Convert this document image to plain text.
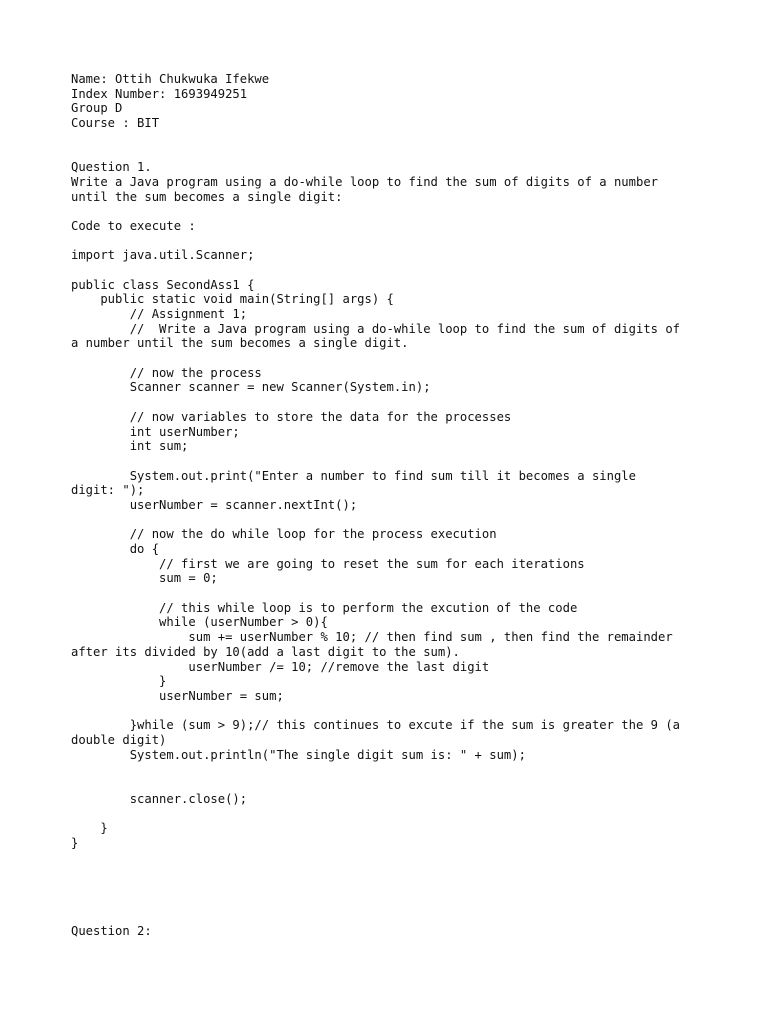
Name: Ottih Chukwuka Ifekwe
Index Number: 1693949251
Group D
Course : BIT
Question 1.
Write a Java program using a do-while loop to find the sum of digits of a number
until the sum becomes a single digit:
Code to execute :
import java.util.Scanner;
public class SecondAss1 {
public static void main(String[] args) {
// Assignment 1;
//  Write a Java program using a do-while loop to find the sum of digits of
a number until the sum becomes a single digit.
// now the process
Scanner scanner = new Scanner(System.in);
// now variables to store the data for the processes
int userNumber;
int sum;
System.out.print("Enter a number to find sum till it becomes a single
digit: ");
userNumber = scanner.nextInt();
// now the do while loop for the process execution
do {
// first we are going to reset the sum for each iterations
sum = 0;
// this while loop is to perform the excution of the code
while (userNumber > 0){
sum += userNumber % 10; // then find sum , then find the remainder
after its divided by 10(add a last digit to the sum).
userNumber /= 10; //remove the last digit
}
userNumber = sum;
}while (sum > 9);// this continues to excute if the sum is greater the 9 (a
double digit)
System.out.println("The single digit sum is: " + sum);
scanner.close();
}
}
Question 2:
